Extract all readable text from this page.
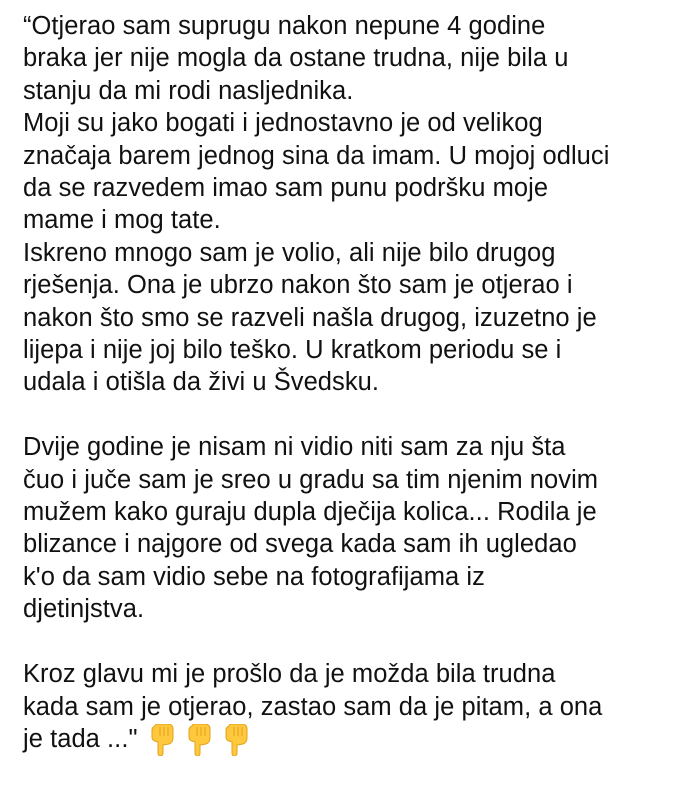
“Otjerao sam suprugu nakon nepune 4 godine
braka jer nije mogla da ostane trudna, nije bila u
stanju da mi rodi nasljednika.
Moji su jako bogati i jednostavno je od velikog
značaja barem jednog sina da imam. U mojoj odluci
da se razvedem imao sam punu podršku moje
mame i mog tate.
Iskreno mnogo sam je volio, ali nije bilo drugog
rješenja. Ona je ubrzo nakon što sam je otjerao i
nakon što smo se razveli našla drugog, izuzetno je
lijepa i nije joj bilo teško. U kratkom periodu se i
udala i otišla da živi u Švedsku.
Dvije godine je nisam ni vidio niti sam za nju šta
čuo i juče sam je sreo u gradu sa tim njenim novim
mužem kako guraju dupla dječija kolica... Rodila je
blizance i najgore od svega kada sam ih ugledao
k'o da sam vidio sebe na fotografijama iz
djetinjstva.
Kroz glavu mi je prošlo da je možda bila trudna
kada sam je otjerao, zastao sam da je pitam, a ona
je tada ..."
